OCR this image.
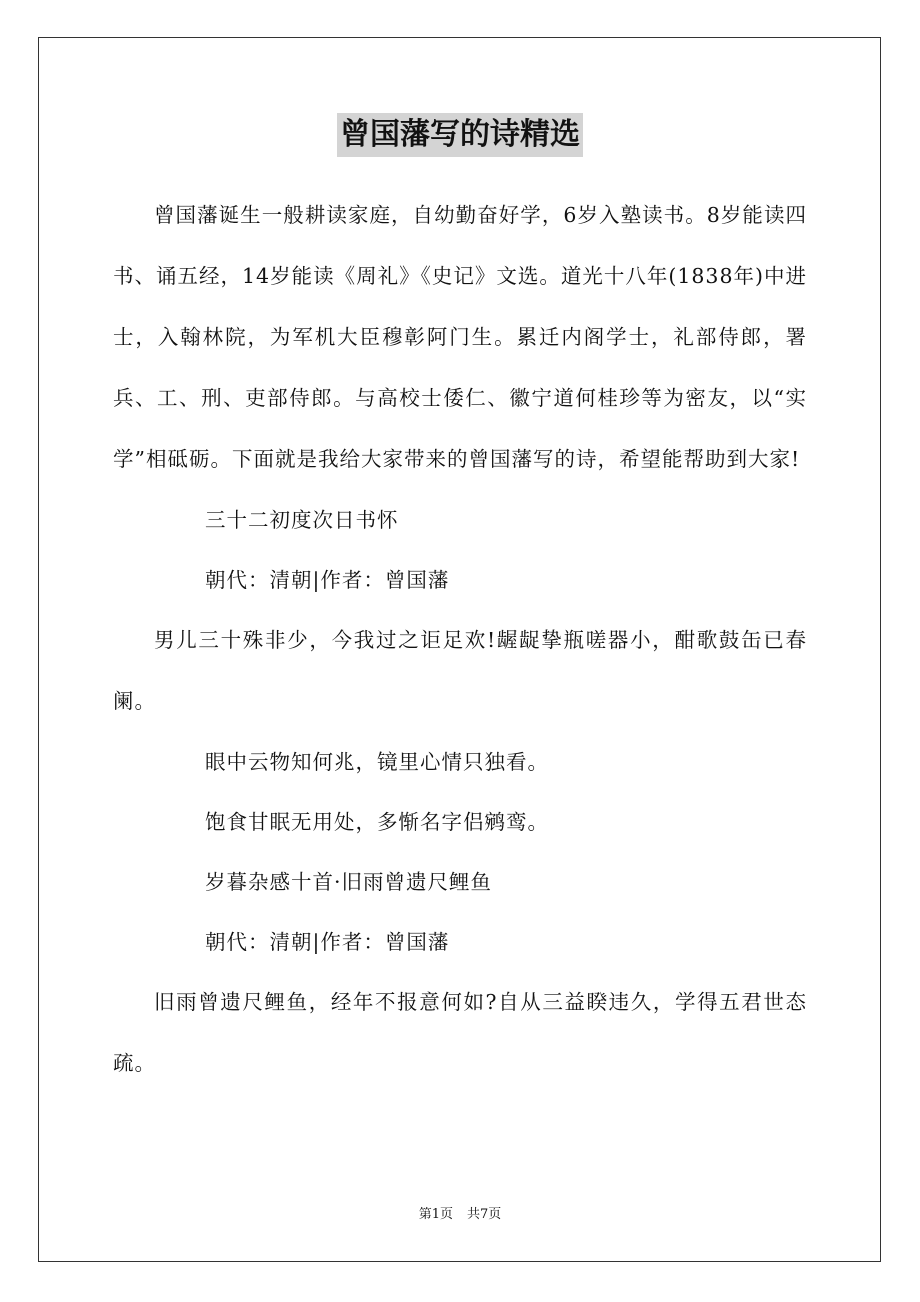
曾国藩写的诗精选

曾国藩诞生一般耕读家庭，自幼勤奋好学，6岁入塾读书。8岁能读四书、诵五经，14岁能读《周礼》《史记》文选。道光十八年(1838年)中进士，入翰林院，为军机大臣穆彰阿门生。累迁内阁学士，礼部侍郎，署兵、工、刑、吏部侍郎。与高校士倭仁、徽宁道何桂珍等为密友，以“实学”相砥砺。下面就是我给大家带来的曾国藩写的诗，希望能帮助到大家!

三十二初度次日书怀

朝代：清朝|作者：曾国藩

男儿三十殊非少，今我过之讵足欢!龌龊挚瓶嗟器小，酣歌鼓缶已春阑。

眼中云物知何兆，镜里心情只独看。

饱食甘眠无用处，多惭名字侣鹓鸾。

岁暮杂感十首·旧雨曾遗尺鲤鱼

朝代：清朝|作者：曾国藩

旧雨曾遗尺鲤鱼，经年不报意何如?自从三益睽违久，学得五君世态疏。

第1页 共7页
